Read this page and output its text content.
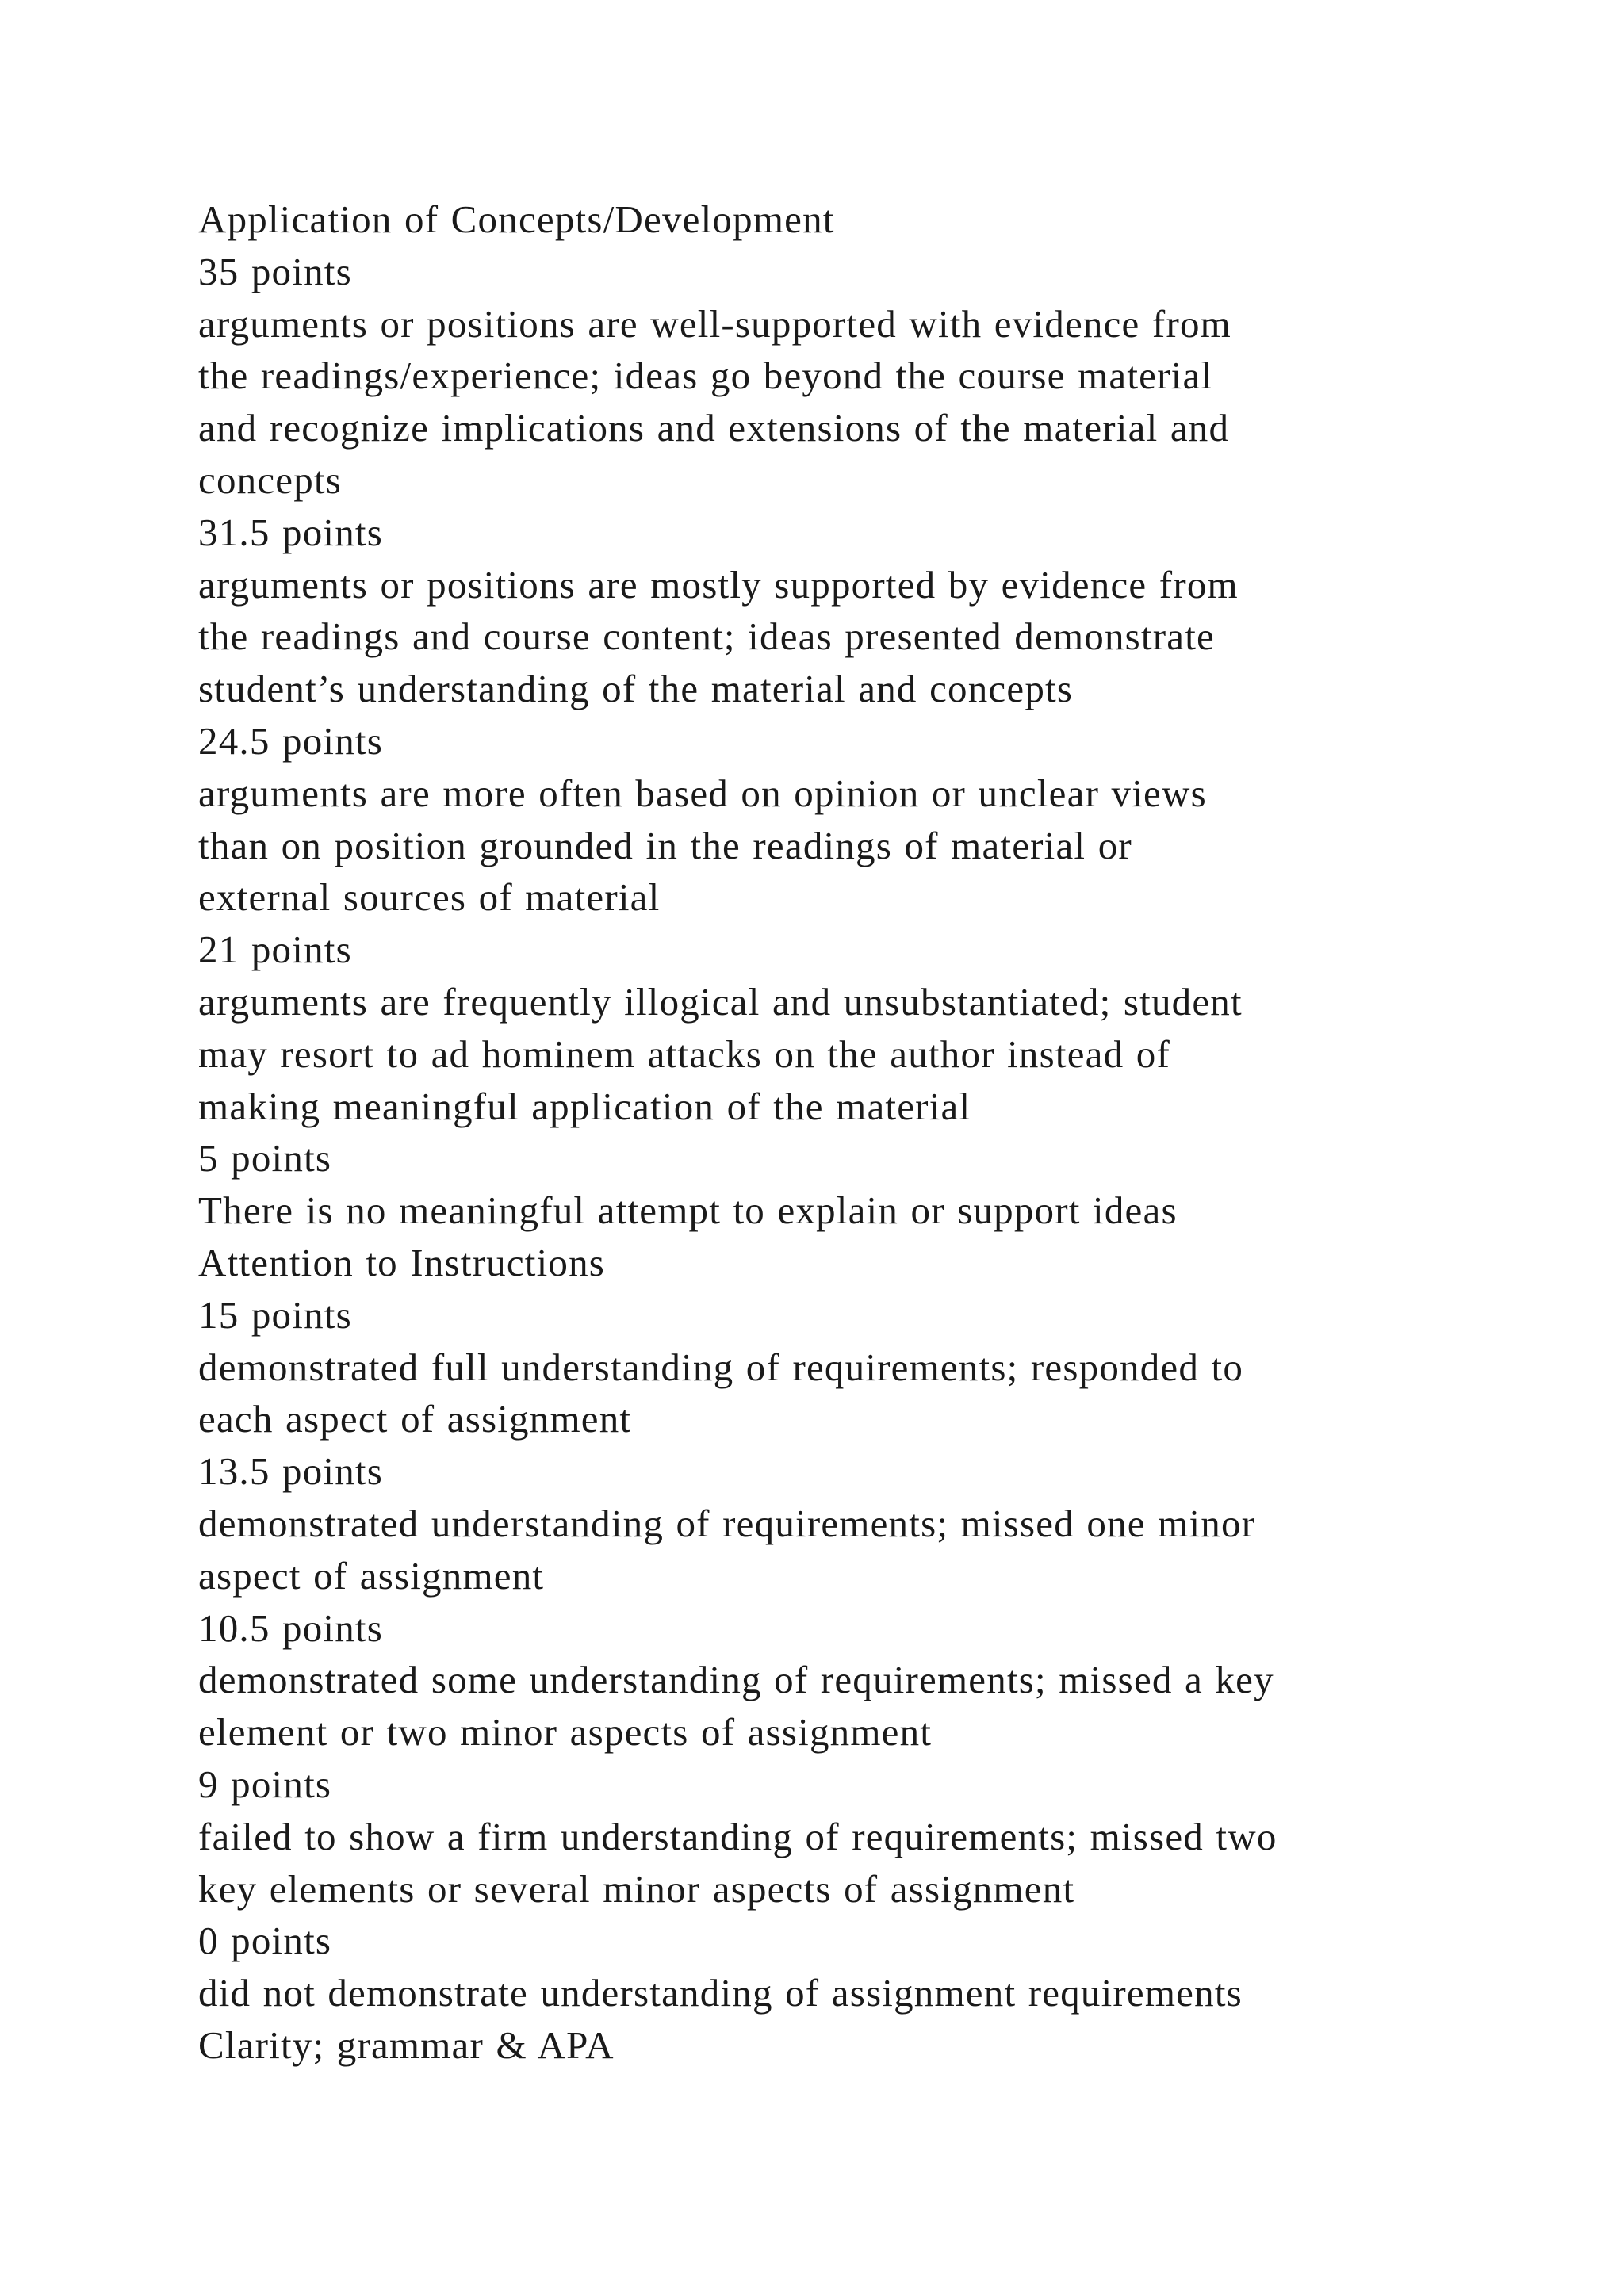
Application of Concepts/Development
35 points
arguments or positions are well-supported with evidence from
the readings/experience; ideas go beyond the course material
and recognize implications and extensions of the material and
concepts
31.5 points
arguments or positions are mostly supported by evidence from
the readings and course content; ideas presented demonstrate
student’s understanding of the material and concepts
24.5 points
arguments are more often based on opinion or unclear views
than on position grounded in the readings of material or
external sources of material
21 points
arguments are frequently illogical and unsubstantiated; student
may resort to ad hominem attacks on the author instead of
making meaningful application of the material
5 points
There is no meaningful attempt to explain or support ideas
Attention to Instructions
15 points
demonstrated full understanding of requirements; responded to
each aspect of assignment
13.5 points
demonstrated understanding of requirements; missed one minor
aspect of assignment
10.5 points
demonstrated some understanding of requirements; missed a key
element or two minor aspects of assignment
9 points
failed to show a firm understanding of requirements; missed two
key elements or several minor aspects of assignment
0 points
did not demonstrate understanding of assignment requirements
Clarity; grammar & APA
